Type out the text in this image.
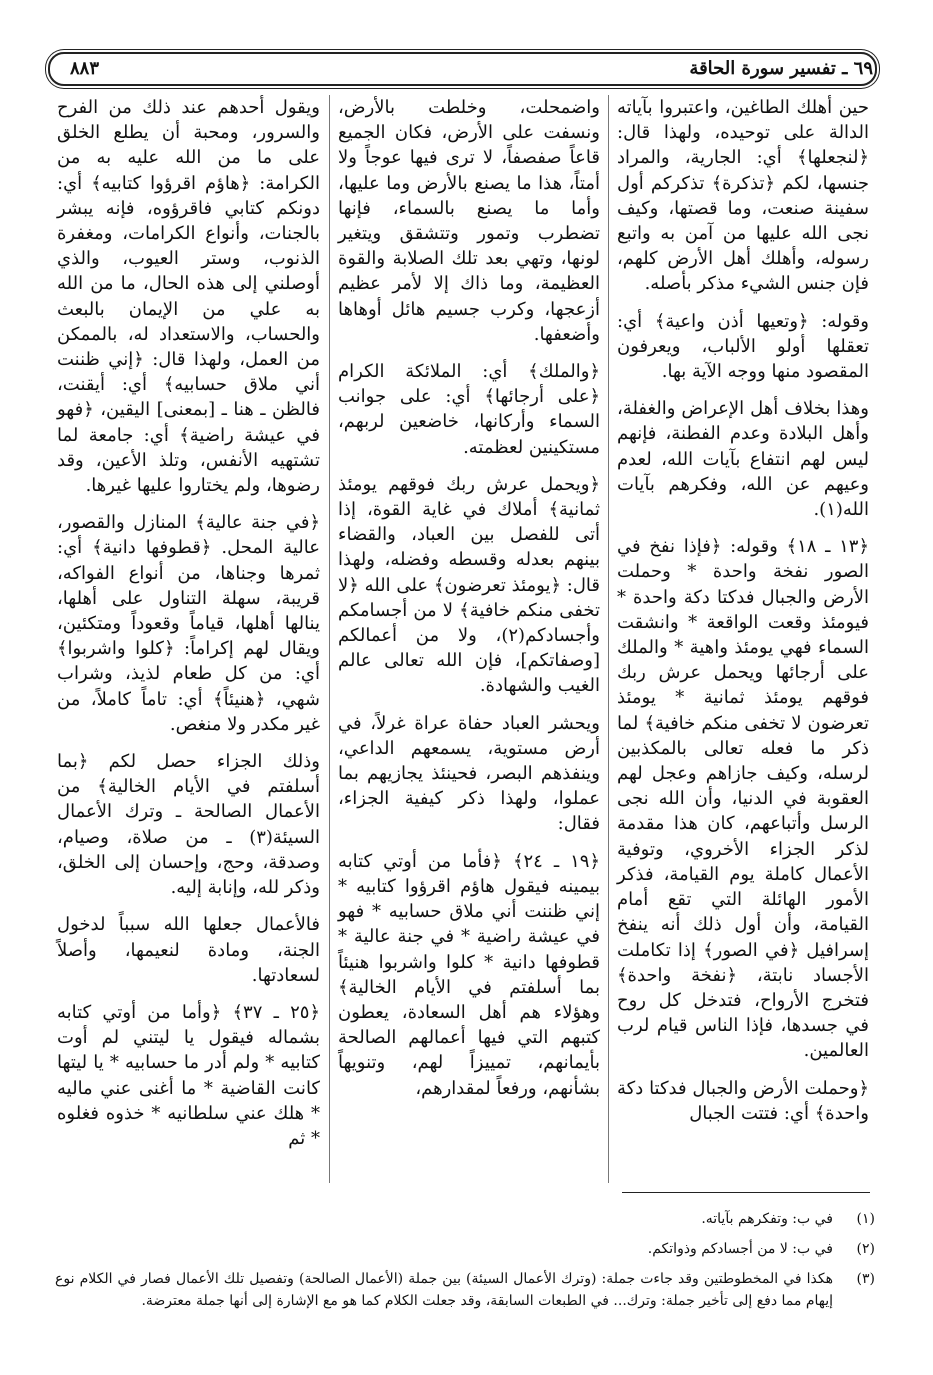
٦٩ ـ تفسير سورة الحاقة
٨٨٣

حين أهلك الطاغين، واعتبروا بآياته الدالة على توحيده، ولهذا قال: ﴿لنجعلها﴾ أي: الجارية، والمراد جنسها، لكم ﴿تذكرة﴾ تذكركم أول سفينة صنعت، وما قصتها، وكيف نجى الله عليها من آمن به واتبع رسوله، وأهلك أهل الأرض كلهم، فإن جنس الشيء مذكر بأصله.

وقوله: ﴿وتعيها أذن واعية﴾ أي: تعقلها أولو الألباب، ويعرفون المقصود منها ووجه الآية بها.

وهذا بخلاف أهل الإعراض والغفلة، وأهل البلادة وعدم الفطنة، فإنهم ليس لهم انتفاع بآيات الله، لعدم وعيهم عن الله، وفكرهم بآيات الله(١).

﴿١٣ ـ ١٨﴾ وقوله: ﴿فإذا نفخ في الصور نفخة واحدة * وحملت الأرض والجبال فدكتا دكة واحدة * فيومئذ وقعت الواقعة * وانشقت السماء فهي يومئذ واهية * والملك على أرجائها ويحمل عرش ربك فوقهم يومئذ ثمانية * يومئذ تعرضون لا تخفى منكم خافية﴾ لما ذكر ما فعله تعالى بالمكذبين لرسله، وكيف جازاهم وعجل لهم العقوبة في الدنيا، وأن الله نجى الرسل وأتباعهم، كان هذا مقدمة لذكر الجزاء الأخروي، وتوفية الأعمال كاملة يوم القيامة، فذكر الأمور الهائلة التي تقع أمام القيامة، وأن أول ذلك أنه ينفخ إسرافيل ﴿في الصور﴾ إذا تكاملت الأجساد نابتة، ﴿نفخة واحدة﴾ فتخرج الأرواح، فتدخل كل روح في جسدها، فإذا الناس قيام لرب العالمين.

﴿وحملت الأرض والجبال فدكتا دكة واحدة﴾ أي: فتتت الجبال

واضمحلت، وخلطت بالأرض، ونسفت على الأرض، فكان الجميع قاعاً صفصفاً، لا ترى فيها عوجاً ولا أمتاً، هذا ما يصنع بالأرض وما عليها، وأما ما يصنع بالسماء، فإنها تضطرب وتمور وتتشقق ويتغير لونها، وتهي بعد تلك الصلابة والقوة العظيمة، وما ذاك إلا لأمر عظيم أزعجها، وكرب جسيم هائل أوهاها وأضعفها.

﴿والملك﴾ أي: الملائكة الكرام ﴿على أرجائها﴾ أي: على جوانب السماء وأركانها، خاضعين لربهم، مستكينين لعظمته.

﴿ويحمل عرش ربك فوقهم يومئذ ثمانية﴾ أملاك في غاية القوة، إذا أتى للفصل بين العباد، والقضاء بينهم بعدله وقسطه وفضله، ولهذا قال: ﴿يومئذ تعرضون﴾ على الله ﴿لا تخفى منكم خافية﴾ لا من أجسامكم وأجسادكم(٢)، ولا من أعمالكم [وصفاتكم]، فإن الله تعالى عالم الغيب والشهادة.

ويحشر العباد حفاة عراة غرلاً، في أرض مستوية، يسمعهم الداعي، وينفذهم البصر، فحينئذ يجازيهم بما عملوا، ولهذا ذكر كيفية الجزاء، فقال:

﴿١٩ ـ ٢٤﴾ ﴿فأما من أوتي كتابه بيمينه فيقول هاؤم اقرؤوا كتابيه * إني ظننت أني ملاق حسابيه * فهو في عيشة راضية * في جنة عالية * قطوفها دانية * كلوا واشربوا هنيئاً بما أسلفتم في الأيام الخالية﴾ وهؤلاء هم أهل السعادة، يعطون كتبهم التي فيها أعمالهم الصالحة بأيمانهم، تمييزاً لهم، وتنويهاً بشأنهم، ورفعاً لمقدارهم،

ويقول أحدهم عند ذلك من الفرح والسرور، ومحبة أن يطلع الخلق على ما من الله عليه به من الكرامة: ﴿هاؤم اقرؤوا كتابيه﴾ أي: دونكم كتابي فاقرؤوه، فإنه يبشر بالجنات، وأنواع الكرامات، ومغفرة الذنوب، وستر العيوب، والذي أوصلني إلى هذه الحال، ما من الله به علي من الإيمان بالبعث والحساب، والاستعداد له، بالممكن من العمل، ولهذا قال: ﴿إني ظننت أني ملاق حسابيه﴾ أي: أيقنت، فالظن ـ هنا ـ [بمعنى] اليقين، ﴿فهو في عيشة راضية﴾ أي: جامعة لما تشتهيه الأنفس، وتلذ الأعين، وقد رضوها، ولم يختاروا عليها غيرها.

﴿في جنة عالية﴾ المنازل والقصور، عالية المحل. ﴿قطوفها دانية﴾ أي: ثمرها وجناها، من أنواع الفواكه، قريبة، سهلة التناول على أهلها، ينالها أهلها، قياماً وقعوداً ومتكئين، ويقال لهم إكراماً: ﴿كلوا واشربوا﴾ أي: من كل طعام لذيذ، وشراب شهي، ﴿هنيئاً﴾ أي: تاماً كاملاً، من غير مكدر ولا منغص.

وذلك الجزاء حصل لكم ﴿بما أسلفتم في الأيام الخالية﴾ من الأعمال الصالحة ـ وترك الأعمال السيئة(٣) ـ من صلاة، وصيام، وصدقة، وحج، وإحسان إلى الخلق، وذكر لله، وإنابة إليه.

فالأعمال جعلها الله سبباً لدخول الجنة، ومادة لنعيمها، وأصلاً لسعادتها.

﴿٢٥ ـ ٣٧﴾ ﴿وأما من أوتي كتابه بشماله فيقول يا ليتني لم أوت كتابيه * ولم أدر ما حسابيه * يا ليتها كانت القاضية * ما أغنى عني ماليه * هلك عني سلطانيه * خذوه فغلوه * ثم

(١)
في ب: وتفكرهم بآياته.
(٢)
في ب: لا من أجسادكم وذواتكم.
(٣)
هكذا في المخطوطتين وقد جاءت جملة: (وترك الأعمال السيئة) بين جملة (الأعمال الصالحة) وتفصيل تلك الأعمال فصار في الكلام نوع إيهام مما دفع إلى تأخير جملة: وترك... في الطبعات السابقة، وقد جعلت الكلام كما هو مع الإشارة إلى أنها جملة معترضة.
